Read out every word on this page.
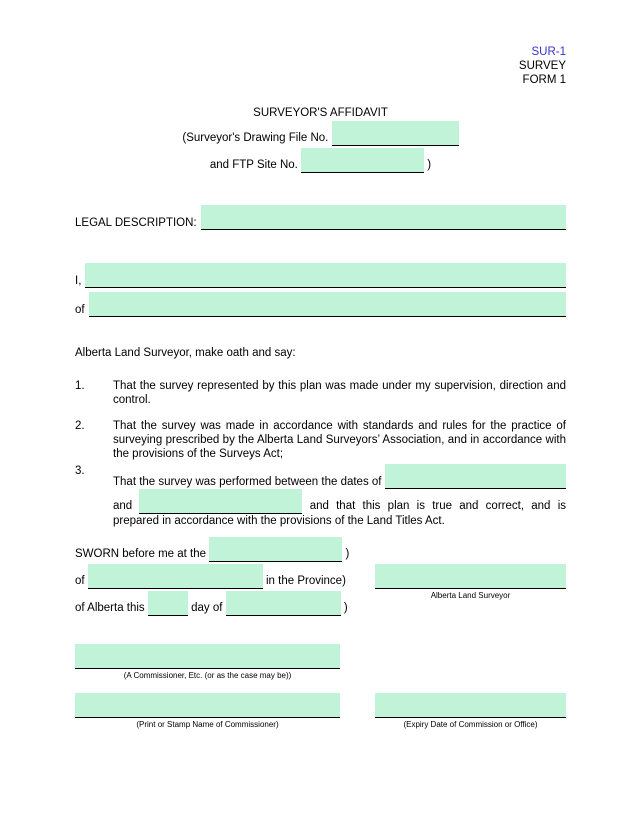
SUR-1
SURVEY
FORM 1
SURVEYOR'S AFFIDAVIT
(Surveyor's Drawing File No.
and FTP Site No.	)
LEGAL DESCRIPTION:
I,
of
Alberta Land Surveyor, make oath and say:
1.	That the survey represented by this plan was made under my supervision, direction and control.
2.	That the survey was made in accordance with standards and rules for the practice of surveying prescribed by the Alberta Land Surveyors’ Association, and in accordance with the provisions of the Surveys Act;
3.
That the survey was performed between the dates of
and	and that this plan is true and correct, and is
prepared in accordance with the provisions of the Land Titles Act.
SWORN before me at the	)
of	in the Province)
of Alberta this	day of	)
Alberta Land Surveyor
(A Commissioner, Etc. (or as the case may be))
(Print or Stamp Name of Commissioner)	(Expiry Date of Commission or Office)
